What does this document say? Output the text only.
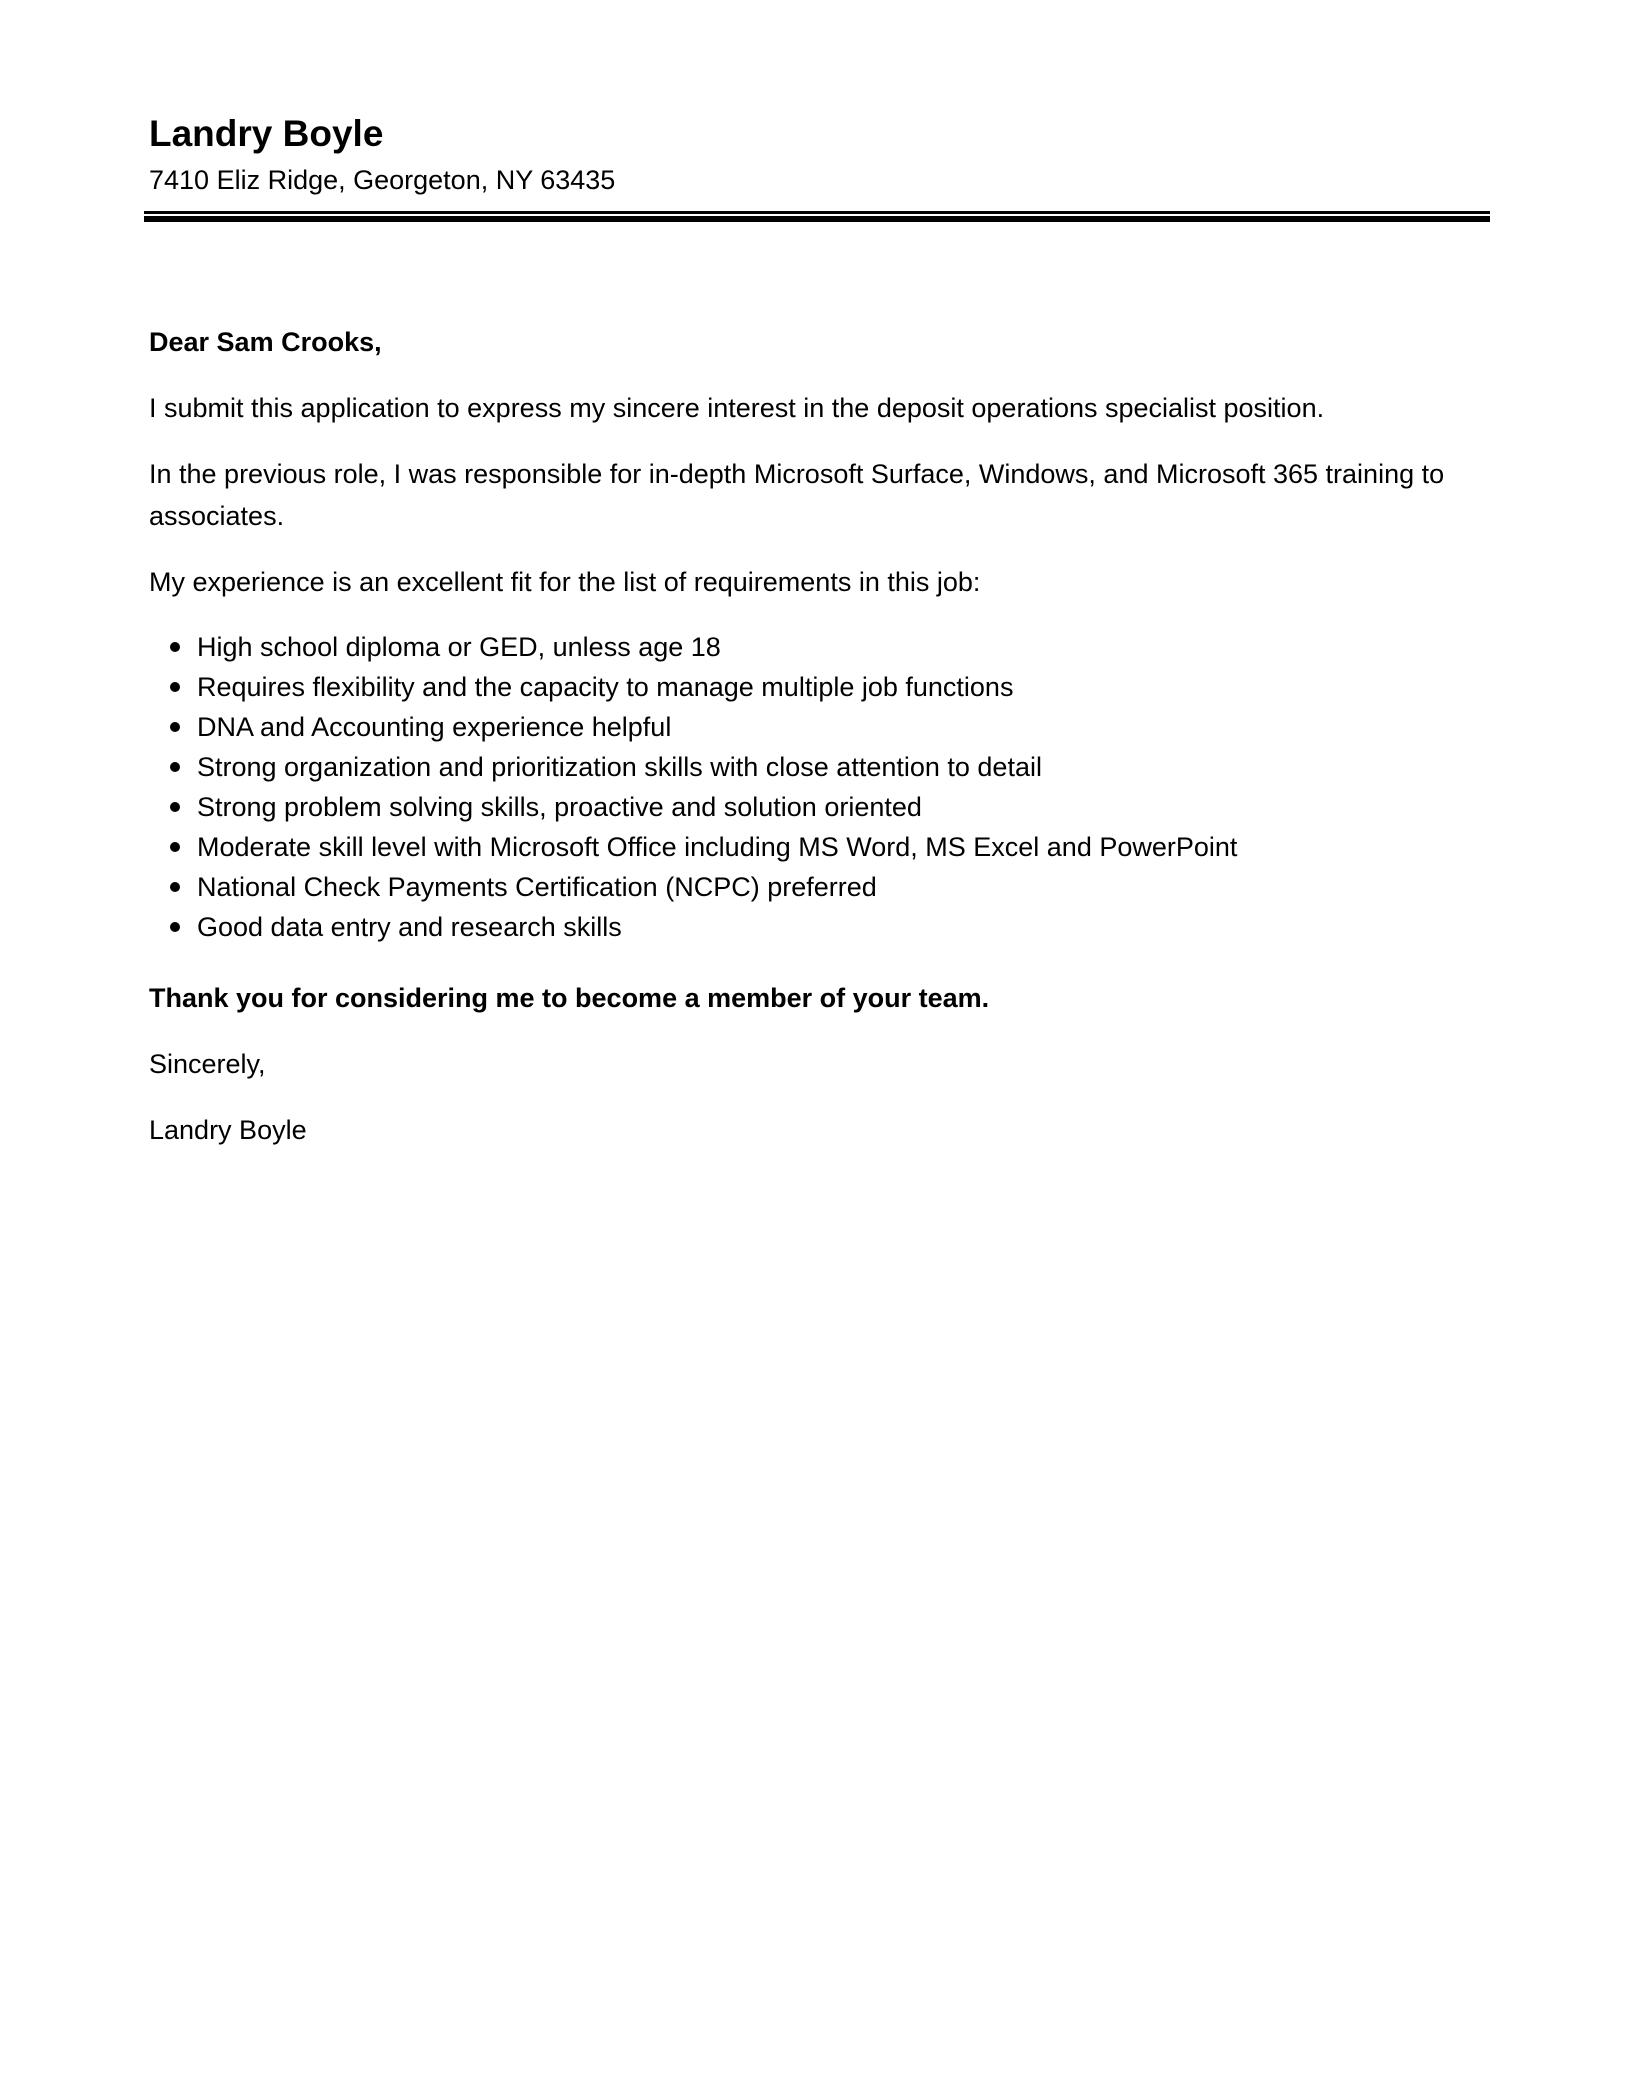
Landry Boyle
7410 Eliz Ridge, Georgeton, NY 63435

Dear Sam Crooks,

I submit this application to express my sincere interest in the deposit operations specialist position.

In the previous role, I was responsible for in-depth Microsoft Surface, Windows, and Microsoft 365 training to associates.

My experience is an excellent fit for the list of requirements in this job:

High school diploma or GED, unless age 18
Requires flexibility and the capacity to manage multiple job functions
DNA and Accounting experience helpful
Strong organization and prioritization skills with close attention to detail
Strong problem solving skills, proactive and solution oriented
Moderate skill level with Microsoft Office including MS Word, MS Excel and PowerPoint
National Check Payments Certification (NCPC) preferred
Good data entry and research skills

Thank you for considering me to become a member of your team.

Sincerely,

Landry Boyle
